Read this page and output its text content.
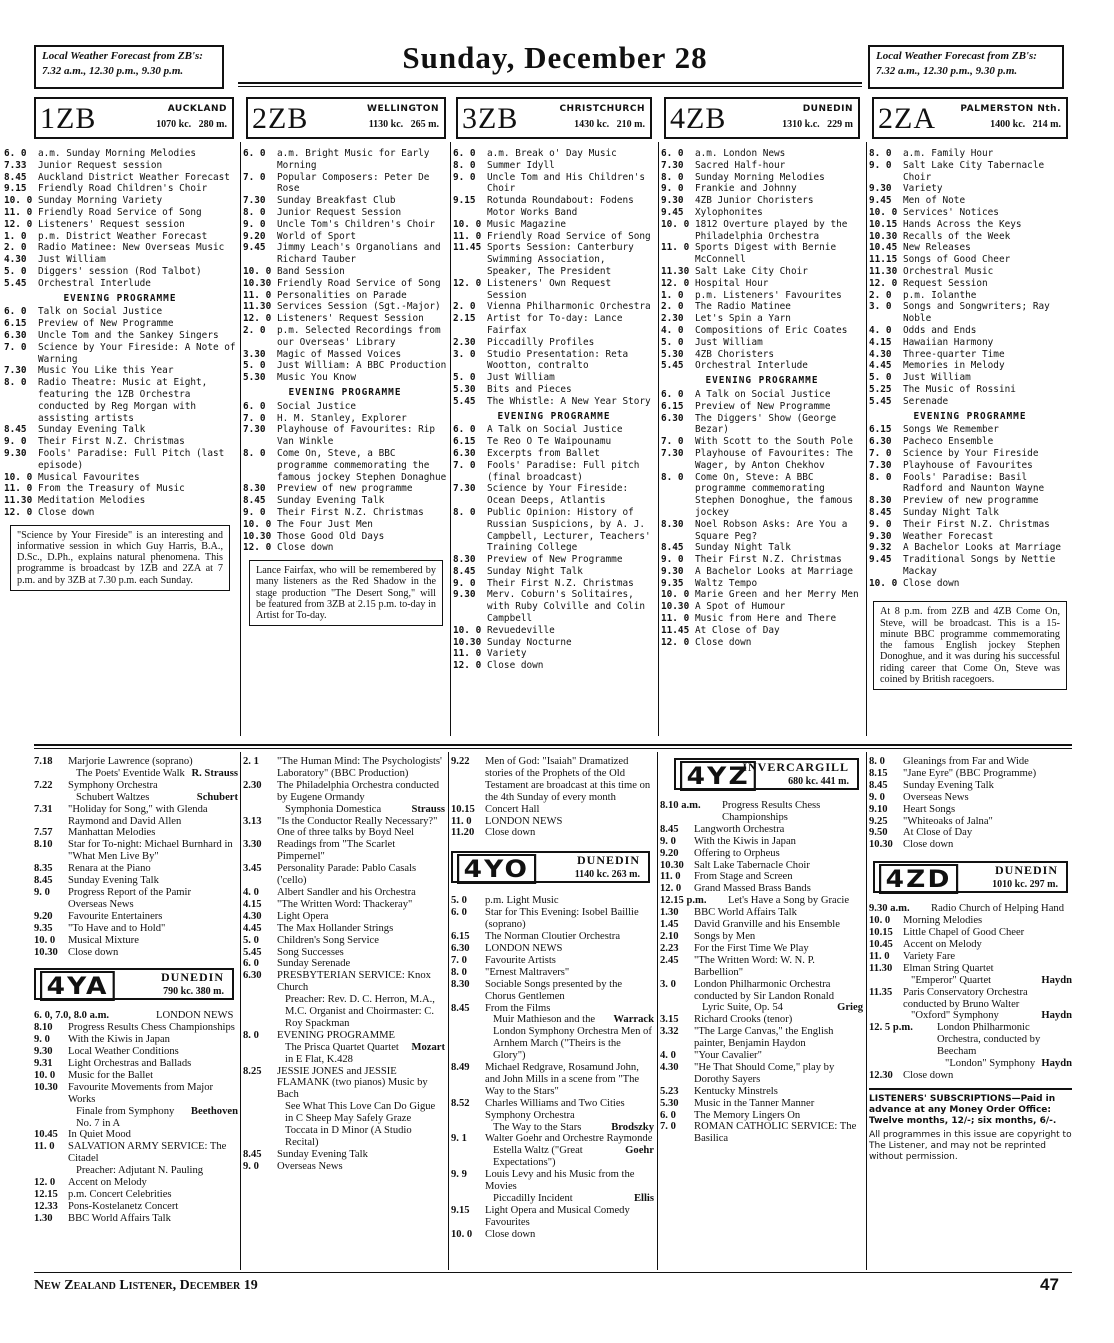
Local Weather Forecast from ZB's:
7.32 a.m., 12.30 p.m., 9.30 p.m.	Sunday, December 28	Local Weather Forecast from ZB's:
7.32 a.m., 12.30 p.m., 9.30 p.m.
1ZB	AUCKLAND
1070 kc. 280 m. 2ZB	WELLINGTON
1130 kc. 265 m. 3ZB	CHRISTCHURCH
1430 kc. 210 m. 4ZB	DUNEDIN
1310 k.c. 229 m 2ZA	PALMERSTON Nth.
1400 kc. 214 m.
6. 0 a.m. Sunday Morning Melodies
7.33 Junior Request session
8.45 Auckland District Weather Forecast
9.15 Friendly Road Children's Choir
10. 0 Sunday Morning Variety
11. 0 Friendly Road Service of Song
12. 0 Listeners' Request session
1. 0 p.m. District Weather Forecast
2. 0 Radio Matinee: New Overseas Music
4.30 Just William
5. 0 Diggers' session (Rod Talbot)
5.45 Orchestral Interlude
EVENING PROGRAMME
6. 0 Talk on Social Justice
6.15 Preview of New Programme
6.30 Uncle Tom and the Sankey Singers
7. 0 Science by Your Fireside: A Note of Warning
7.30 Music You Like this Year
8. 0 Radio Theatre: Music at Eight, featuring the 1ZB Orchestra conducted by Reg Morgan with assisting artists
8.45 Sunday Evening Talk
9. 0 Their First N.Z. Christmas
9.30 Fools' Paradise: Full Pitch (last episode)
10. 0 Musical Favourites
11. 0 From the Treasury of Music
11.30 Meditation Melodies
12. 0 Close down
"Science by Your Fireside" is an interesting and informative session in which Guy Harris, B.A., D.Sc., D.Ph., explains natural phenomena. This programme is broadcast by 1ZB and 2ZA at 7 p.m. and by 3ZB at 7.30 p.m. each Sunday.
6. 0 a.m. Bright Music for Early Morning
7. 0 Popular Composers: Peter De Rose
7.30 Sunday Breakfast Club
8. 0 Junior Request Session
9. 0 Uncle Tom's Children's Choir
9.20 World of Sport
9.45 Jimmy Leach's Organolians and Richard Tauber
10. 0 Band Session
10.30 Friendly Road Service of Song
11. 0 Personalities on Parade
11.30 Services Session (Sgt.-Major)
12. 0 Listeners' Request Session
2. 0 p.m. Selected Recordings from our Overseas' Library
3.30 Magic of Massed Voices
5. 0 Just William: A BBC Production
5.30 Music You Know
EVENING PROGRAMME
6. 0 Social Justice
7. 0 H. M. Stanley, Explorer
7.30 Playhouse of Favourites: Rip Van Winkle
8. 0 Come On, Steve, a BBC programme commemorating the famous jockey Stephen Donaghue
8.30 Preview of new programme
8.45 Sunday Evening Talk
9. 0 Their First N.Z. Christmas
10. 0 The Four Just Men
10.30 Those Good Old Days
12. 0 Close down
Lance Fairfax, who will be remembered by many listeners as the Red Shadow in the stage production "The Desert Song," will be featured from 3ZB at 2.15 p.m. to-day in Artist for To-day.
6. 0 a.m. Break o' Day Music
8. 0 Summer Idyll
9. 0 Uncle Tom and His Children's Choir
9.15 Rotunda Roundabout: Fodens Motor Works Band
10. 0 Music Magazine
11. 0 Friendly Road Service of Song
11.45 Sports Session: Canterbury Swimming Association, Speaker, The President
12. 0 Listeners' Own Request Session
2. 0 Vienna Philharmonic Orchestra
2.15 Artist for To-day: Lance Fairfax
2.30 Piccadilly Profiles
3. 0 Studio Presentation: Reta Wootton, contralto
5. 0 Just William
5.30 Bits and Pieces
5.45 The Whistle: A New Year Story
EVENING PROGRAMME
6. 0 A Talk on Social Justice
6.15 Te Reo O Te Waipounamu
6.30 Excerpts from Ballet
7. 0 Fools' Paradise: Full pitch (final broadcast)
7.30 Science by Your Fireside: Ocean Deeps, Atlantis
8. 0 Public Opinion: History of Russian Suspicions, by A. J. Campbell, Lecturer, Teachers' Training College
8.30 Preview of New Programme
8.45 Sunday Night Talk
9. 0 Their First N.Z. Christmas
9.30 Merv. Coburn's Solitaires, with Ruby Colville and Colin Campbell
10. 0 Revuedeville
10.30 Sunday Nocturne
11. 0 Variety
12. 0 Close down
6. 0 a.m. London News
7.30 Sacred Half-hour
8. 0 Sunday Morning Melodies
9. 0 Frankie and Johnny
9.30 4ZB Junior Choristers
9.45 Xylophonites
10. 0 1812 Overture played by the Philadelphia Orchestra
11. 0 Sports Digest with Bernie McConnell
11.30 Salt Lake City Choir
12. 0 Hospital Hour
1. 0 p.m. Listeners' Favourites
2. 0 The Radio Matinee
2.30 Let's Spin a Yarn
4. 0 Compositions of Eric Coates
5. 0 Just William
5.30 4ZB Choristers
5.45 Orchestral Interlude
EVENING PROGRAMME
6. 0 A Talk on Social Justice
6.15 Preview of New Programme
6.30 The Diggers' Show (George Bezar)
7. 0 With Scott to the South Pole
7.30 Playhouse of Favourites: The Wager, by Anton Chekhov
8. 0 Come On, Steve: A BBC programme commemorating Stephen Donoghue, the famous jockey
8.30 Noel Robson Asks: Are You a Square Peg?
8.45 Sunday Night Talk
9. 0 Their First N.Z. Christmas
9.30 A Bachelor Looks at Marriage
9.35 Waltz Tempo
10. 0 Marie Green and her Merry Men
10.30 A Spot of Humour
11. 0 Music from Here and There
11.45 At Close of Day
12. 0 Close down
8. 0 a.m. Family Hour
9. 0 Salt Lake City Tabernacle Choir
9.30 Variety
9.45 Men of Note
10. 0 Services' Notices
10.15 Hands Across the Keys
10.30 Recalls of the Week
10.45 New Releases
11.15 Songs of Good Cheer
11.30 Orchestral Music
12. 0 Request Session
2. 0 p.m. Iolanthe
3. 0 Songs and Songwriters; Ray Noble
4. 0 Odds and Ends
4.15 Hawaiian Harmony
4.30 Three-quarter Time
4.45 Memories in Melody
5. 0 Just William
5.25 The Music of Rossini
5.45 Serenade
EVENING PROGRAMME
6.15 Songs We Remember
6.30 Pacheco Ensemble
7. 0 Science by Your Fireside
7.30 Playhouse of Favourites
8. 0 Fools' Paradise: Basil Radford and Naunton Wayne
8.30 Preview of new programme
8.45 Sunday Night Talk
9. 0 Their First N.Z. Christmas
9.30 Weather Forecast
9.32 A Bachelor Looks at Marriage
9.45 Traditional Songs by Nettie Mackay
10. 0 Close down
At 8 p.m. from 2ZB and 4ZB Come On, Steve, will be broadcast. This is a 15-minute BBC programme commemorating the famous English jockey Stephen Donoghue, and it was during his successful riding career that Come On, Steve was coined by British racegoers.
7.18 Marjorie Lawrence (soprano)
R. Strauss
The Poets' Eventide Walk
7.22 Symphony Orchestra
Schubert
Schubert Waltzes
7.31 "Holiday for Song," with Glenda Raymond and David Allen
7.57 Manhattan Melodies
8.10 Star for To-night: Michael Burnhard in "What Men Live By"
8.35 Renara at the Piano
8.45 Sunday Evening Talk
9. 0 Progress Report of the Pamir
Overseas News
9.20 Favourite Entertainers
9.35 "To Have and to Hold"
10. 0 Musical Mixture
10.30 Close down
4YA	DUNEDIN
790 kc. 380 m.
6. 0, 7.0, 8.0 a.m.	LONDON NEWS
8.10 Progress Results Chess Championships
9. 0 With the Kiwis in Japan
9.30 Local Weather Conditions
9.31 Light Orchestras and Ballads
10. 0 Music for the Ballet
10.30 Favourite Movements from Major Works
Beethoven
Finale from Symphony No. 7 in A
10.45 In Quiet Mood
11. 0 SALVATION ARMY SERVICE: The Citadel
Preacher: Adjutant N. Pauling
12. 0 Accent on Melody
12.15 p.m. Concert Celebrities
12.33 Pons-Kostelanetz Concert
1.30 BBC World Affairs Talk
2. 1 "The Human Mind: The Psychologists' Laboratory" (BBC Production)
2.30 The Philadelphia Orchestra conducted by Eugene Ormandy
Strauss
Symphonia Domestica
3.13 "Is the Conductor Really Necessary?" One of three talks by Boyd Neel
3.30 Readings from "The Scarlet Pimpernel"
3.45 Personality Parade: Pablo Casals ('cello)
4. 0 Albert Sandler and his Orchestra
4.15 "The Written Word: Thackeray"
4.30 Light Opera
4.45 The Max Hollander Strings
5. 0 Children's Song Service
5.45 Song Successes
6. 0 Sunday Serenade
6.30 PRESBYTERIAN SERVICE: Knox Church
Preacher: Rev. D. C. Herron, M.A., M.C. Organist and Choirmaster: C. Roy Spackman
8. 0 EVENING PROGRAMME
Mozart
The Prisca Quartet Quartet in E Flat, K.428
8.25 JESSIE JONES and JESSIE FLAMANK (two pianos) Music by Bach
See What This Love Can Do Gigue in C Sheep May Safely Graze Toccata in D Minor (A Studio Recital)
8.45 Sunday Evening Talk
9. 0 Overseas News
9.22 Men of God: "Isaiah" Dramatized stories of the Prophets of the Old Testament are broadcast at this time on the 4th Sunday of every month
10.15 Concert Hall
11. 0 LONDON NEWS
11.20 Close down
4YO	DUNEDIN
1140 kc. 263 m.
5. 0 p.m. Light Music
6. 0 Star for This Evening: Isobel Baillie (soprano)
6.15 The Norman Cloutier Orchestra
6.30 LONDON NEWS
7. 0 Favourite Artists
8. 0 "Ernest Maltravers"
8.30 Sociable Songs presented by the Chorus Gentlemen
8.45 From the Films
Warrack
Muir Mathieson and the London Symphony Orchestra Men of Arnhem March ("Theirs is the Glory")
8.49 Michael Redgrave, Rosamund John, and John Mills in a scene from "The Way to the Stars"
8.52 Charles Williams and Two Cities Symphony Orchestra
Brodszky
The Way to the Stars
9. 1 Walter Goehr and Orchestre Raymonde
Goehr
Estella Waltz ("Great Expectations")
9. 9 Louis Levy and his Music from the Movies
Ellis
Piccadilly Incident
9.15 Light Opera and Musical Comedy Favourites
10. 0 Close down
4YZ
INVERCARGILL
680 kc. 441 m.
8.10 a.m. Progress Results Chess Championships
8.45 Langworth Orchestra
9. 0 With the Kiwis in Japan
9.20 Offering to Orpheus
10.30 Salt Lake Tabernacle Choir
11. 0 From Stage and Screen
12. 0 Grand Massed Brass Bands
12.15 p.m. Let's Have a Song by Gracie
1.30 BBC World Affairs Talk
1.45 David Granville and his Ensemble
2.10 Songs by Men
2.23 For the First Time We Play
2.45 "The Written Word: W. N. P. Barbellion"
3. 0 London Philharmonic Orchestra conducted by Sir Landon Ronald
Grieg
Lyric Suite, Op. 54
3.15 Richard Crooks (tenor)
3.32 "The Large Canvas," the English painter, Benjamin Haydon
4. 0 "Your Cavalier"
4.30 "He That Should Come," play by Dorothy Sayers
5.23 Kentucky Minstrels
5.30 Music in the Tanner Manner
6. 0 The Memory Lingers On
7. 0 ROMAN CATHOLIC SERVICE: The Basilica
8. 0 Gleanings from Far and Wide
8.15 "Jane Eyre" (BBC Programme)
8.45 Sunday Evening Talk
9. 0 Overseas News
9.10 Heart Songs
9.25 "Whiteoaks of Jalna"
9.50 At Close of Day
10.30 Close down
4ZD	DUNEDIN
1010 kc. 297 m.
9.30 a.m. Radio Church of Helping Hand
10. 0 Morning Melodies
10.15 Little Chapel of Good Cheer
10.45 Accent on Melody
11. 0 Variety Fare
11.30 Elman String Quartet
Haydn
"Emperor" Quartet
11.35 Paris Conservatory Orchestra conducted by Bruno Walter
Haydn
"Oxford" Symphony
12. 5 p.m. London Philharmonic Orchestra, conducted by Beecham
Haydn
"London" Symphony
12.30 Close down
LISTENERS' SUBSCRIPTIONS—Paid in advance at any Money Order Office: Twelve months, 12/-; six months, 6/-.
All programmes in this issue are copyright to The Listener, and may not be reprinted without permission.
New Zealand Listener, December 19	47
